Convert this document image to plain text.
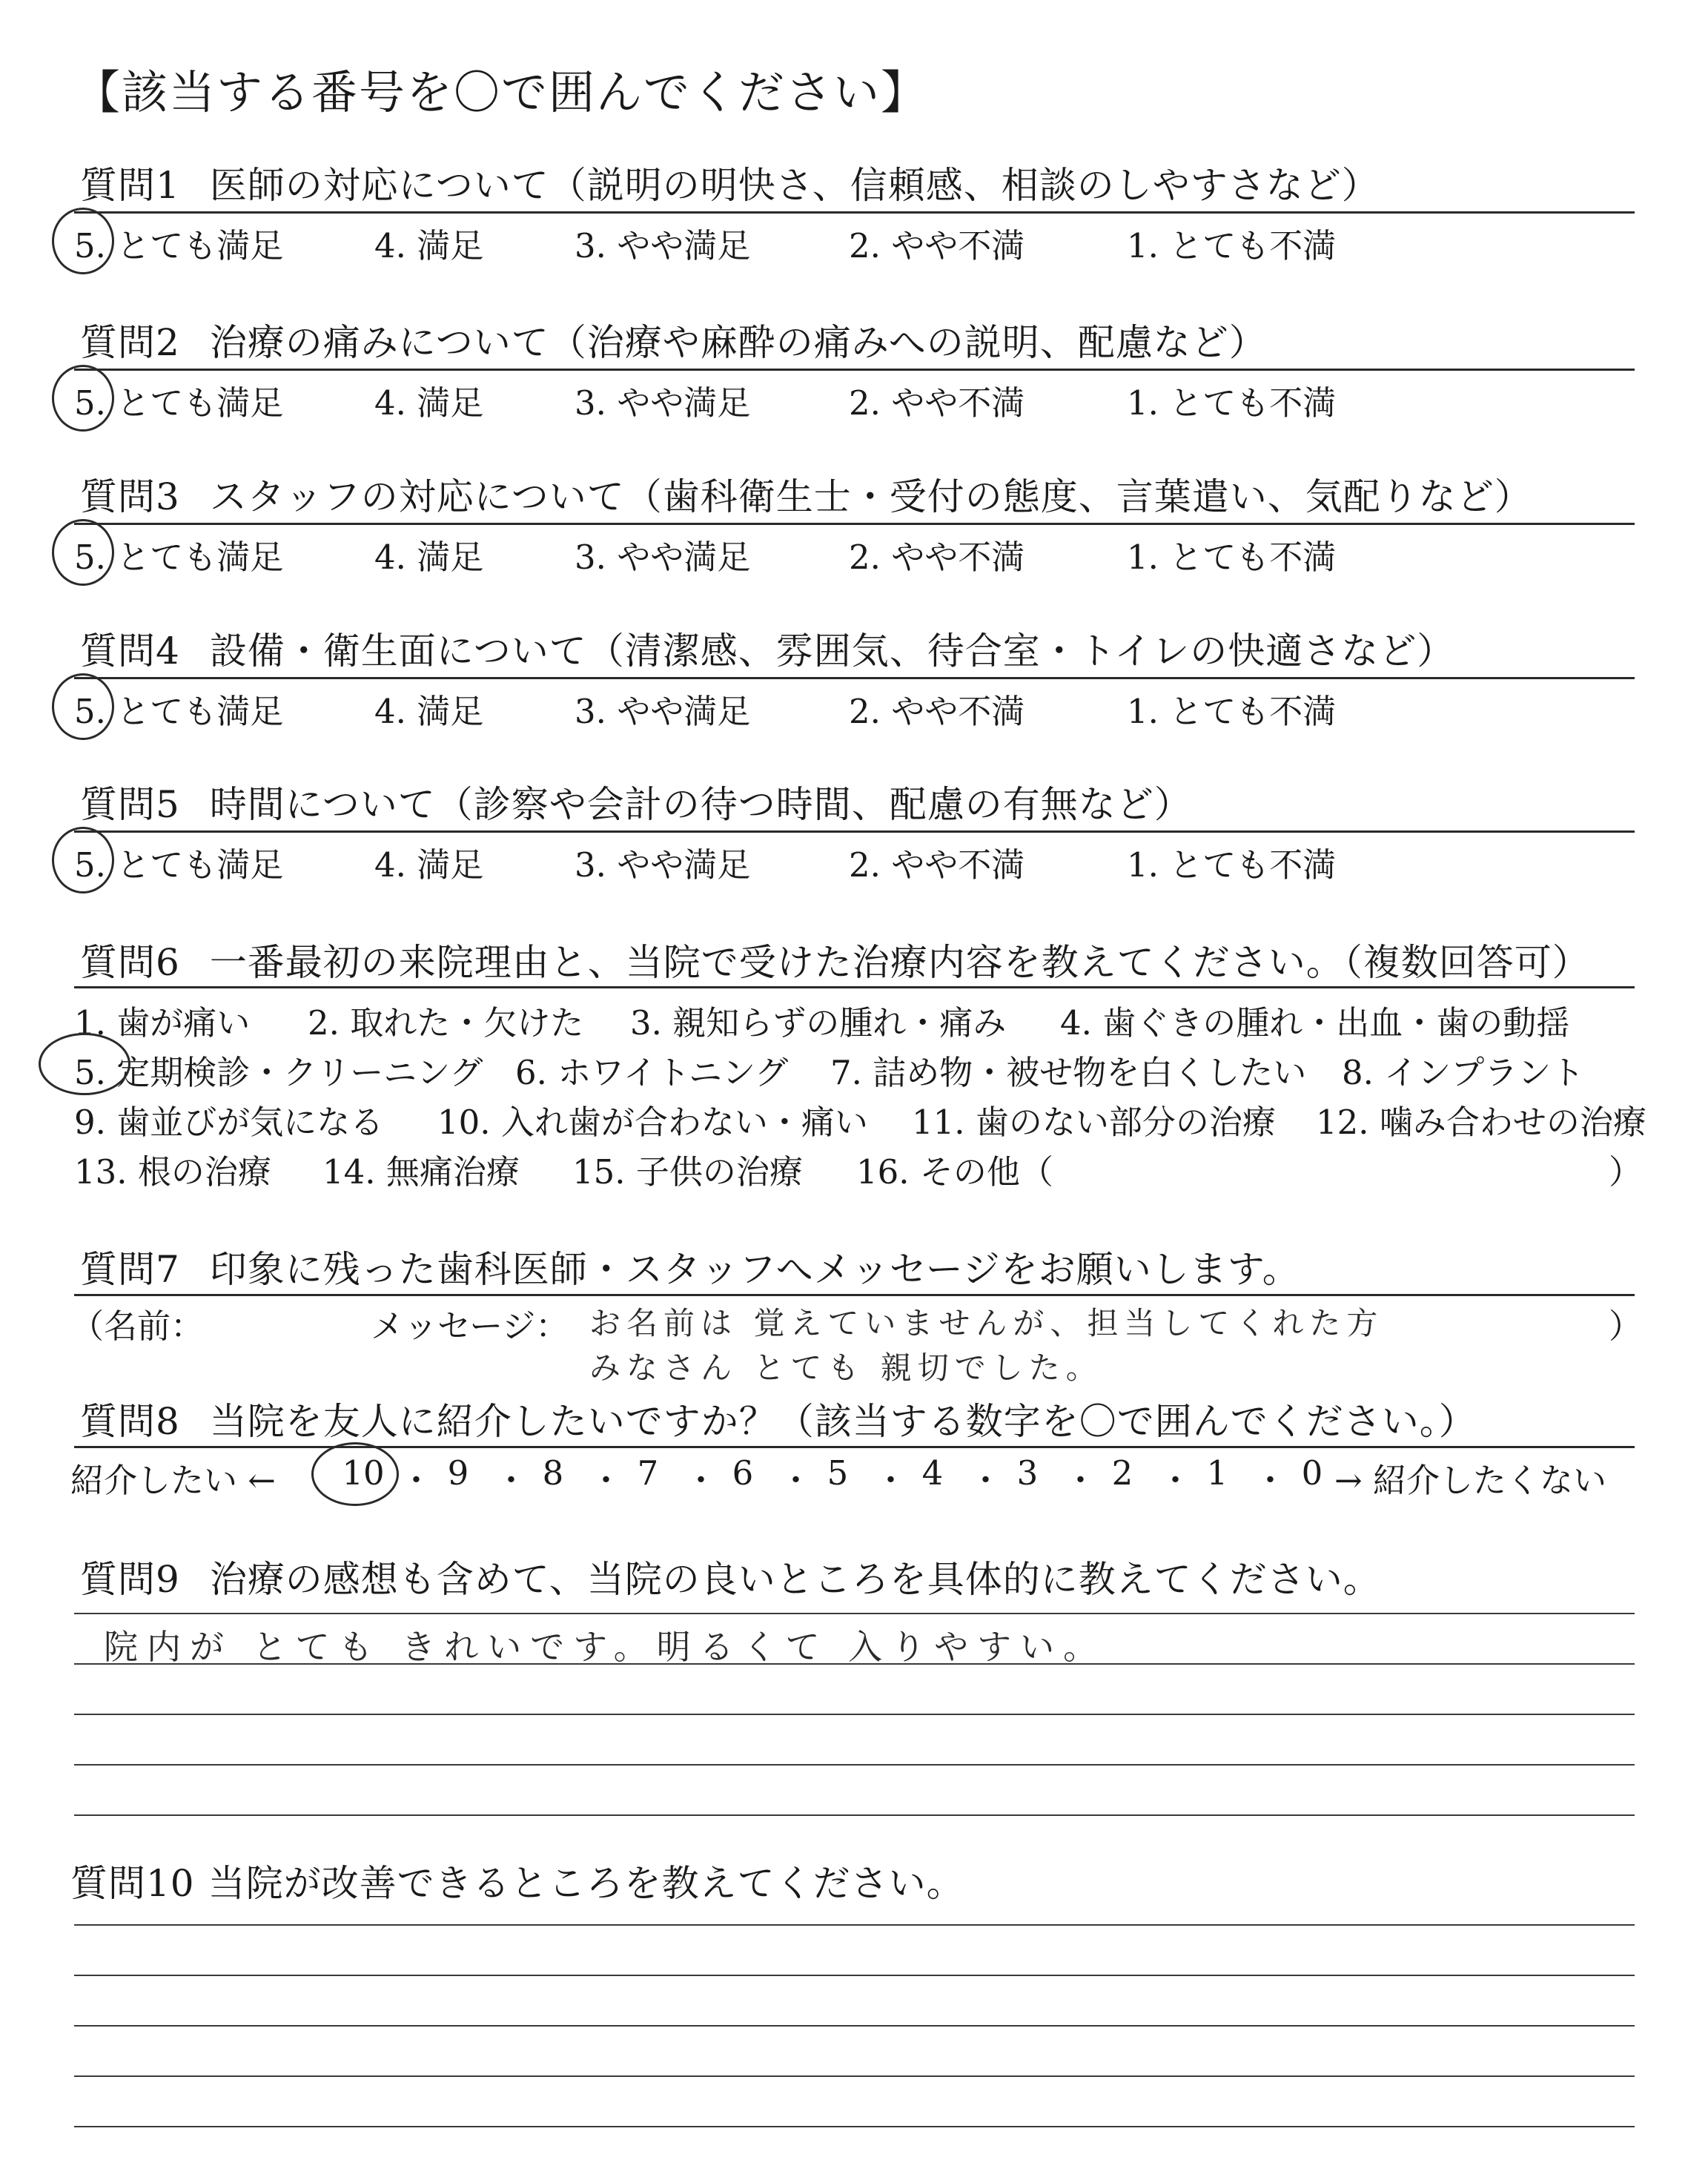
【該当する番号を〇で囲んでください】
質問1 医師の対応について（説明の明快さ、信頼感、相談のしやすさなど）
5. とても満足	4. 満足	3. やや満足	2. やや不満	1. とても不満
質問2 治療の痛みについて（治療や麻酔の痛みへの説明、配慮など）
5. とても満足	4. 満足	3. やや満足	2. やや不満	1. とても不満
質問3 スタッフの対応について（歯科衛生士・受付の態度、言葉遣い、気配りなど）
5. とても満足	4. 満足	3. やや満足	2. やや不満	1. とても不満
質問4 設備・衛生面について（清潔感、雰囲気、待合室・トイレの快適さなど）
5. とても満足	4. 満足	3. やや満足	2. やや不満	1. とても不満
質問5 時間について（診察や会計の待つ時間、配慮の有無など）
5. とても満足	4. 満足	3. やや満足	2. やや不満	1. とても不満
質問6 一番最初の来院理由と、当院で受けた治療内容を教えてください。（複数回答可）
1. 歯が痛い 2. 取れた・欠けた 3. 親知らずの腫れ・痛み 4. 歯ぐきの腫れ・出血・歯の動揺
5. 定期検診・クリーニング 6. ホワイトニング 7. 詰め物・被せ物を白くしたい 8. インプラント
9. 歯並びが気になる 10. 入れ歯が合わない・痛い 11. 歯のない部分の治療 12. 噛み合わせの治療
13. 根の治療 14. 無痛治療 15. 子供の治療 16. その他（	）
質問7 印象に残った歯科医師・スタッフへメッセージをお願いします。
（名前：	メッセージ：	）
お名前は 覚えていませんが、担当してくれた方
みなさん とても 親切でした。
質問8 当院を友人に紹介したいですか？（該当する数字を〇で囲んでください。）
紹介したい ←	→ 紹介したくない
10 ・ 9 ・ 8 ・ 7 ・ 6 ・ 5 ・ 4 ・ 3 ・ 2 ・ 1 ・ 0
質問9 治療の感想も含めて、当院の良いところを具体的に教えてください。
院内が とても きれいです。明るくて 入りやすい。
質問10 当院が改善できるところを教えてください。
